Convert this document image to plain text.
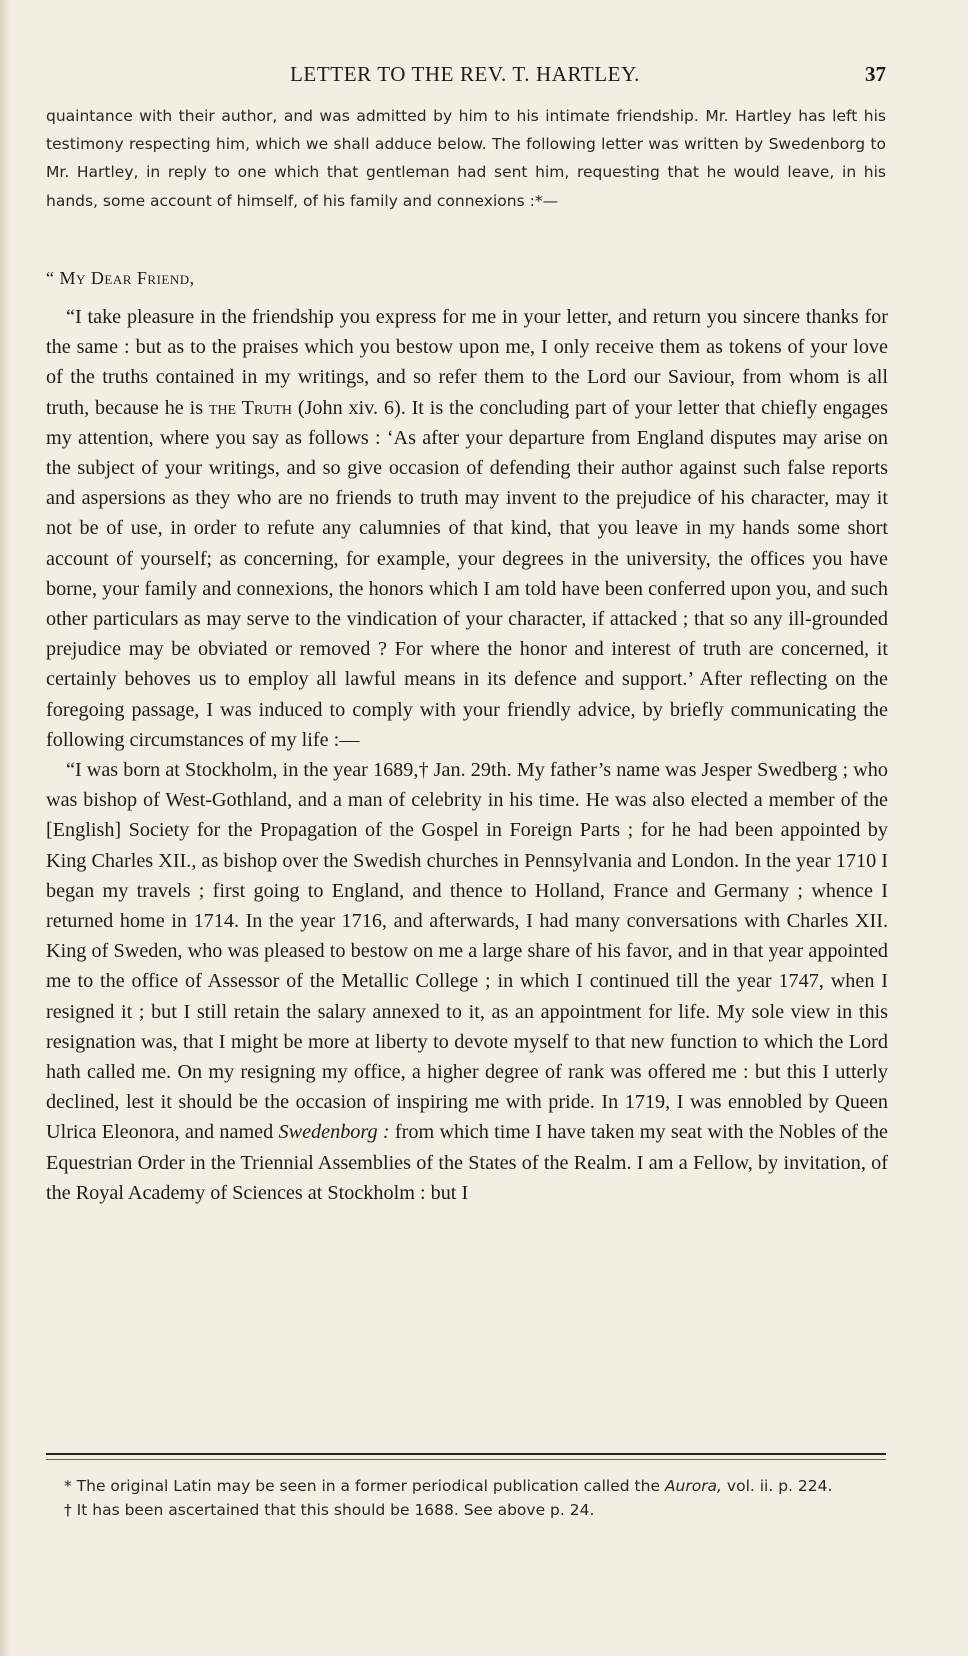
LETTER TO THE REV. T. HARTLEY.	37
quaintance with their author, and was admitted by him to his intimate friendship. Mr. Hartley has left his testimony respecting him, which we shall adduce below. The following letter was written by Swedenborg to Mr. Hartley, in reply to one which that gentleman had sent him, requesting that he would leave, in his hands, some account of himself, of his family and connexions :*—
“ My Dear Friend,

“I take pleasure in the friendship you express for me in your letter, and return you sincere thanks for the same : but as to the praises which you bestow upon me, I only receive them as tokens of your love of the truths contained in my writings, and so refer them to the Lord our Saviour, from whom is all truth, because he is the Truth (John xiv. 6). It is the concluding part of your letter that chiefly engages my attention, where you say as follows : ‘As after your departure from England disputes may arise on the subject of your writings, and so give occasion of defending their author against such false reports and aspersions as they who are no friends to truth may invent to the prejudice of his character, may it not be of use, in order to refute any calumnies of that kind, that you leave in my hands some short account of yourself; as concerning, for example, your degrees in the university, the offices you have borne, your family and connexions, the honors which I am told have been conferred upon you, and such other particulars as may serve to the vindication of your character, if attacked ; that so any ill-grounded prejudice may be obviated or removed ? For where the honor and interest of truth are concerned, it certainly behoves us to employ all lawful means in its defence and support.’ After reflecting on the foregoing passage, I was induced to comply with your friendly advice, by briefly communicating the following circumstances of my life :—

“I was born at Stockholm, in the year 1689,† Jan. 29th. My father’s name was Jesper Swedberg ; who was bishop of West-Gothland, and a man of celebrity in his time. He was also elected a member of the [English] Society for the Propagation of the Gospel in Foreign Parts ; for he had been appointed by King Charles XII., as bishop over the Swedish churches in Pennsylvania and London. In the year 1710 I began my travels ; first going to England, and thence to Holland, France and Germany ; whence I returned home in 1714. In the year 1716, and afterwards, I had many conversations with Charles XII. King of Sweden, who was pleased to bestow on me a large share of his favor, and in that year appointed me to the office of Assessor of the Metallic College ; in which I continued till the year 1747, when I resigned it ; but I still retain the salary annexed to it, as an appointment for life. My sole view in this resignation was, that I might be more at liberty to devote myself to that new function to which the Lord hath called me. On my resigning my office, a higher degree of rank was offered me : but this I utterly declined, lest it should be the occasion of inspiring me with pride. In 1719, I was ennobled by Queen Ulrica Eleonora, and named Swedenborg : from which time I have taken my seat with the Nobles of the Equestrian Order in the Triennial Assemblies of the States of the Realm. I am a Fellow, by invitation, of the Royal Academy of Sciences at Stockholm : but I

* The original Latin may be seen in a former periodical publication called the Aurora, vol. ii. p. 224.

† It has been ascertained that this should be 1688. See above p. 24.
